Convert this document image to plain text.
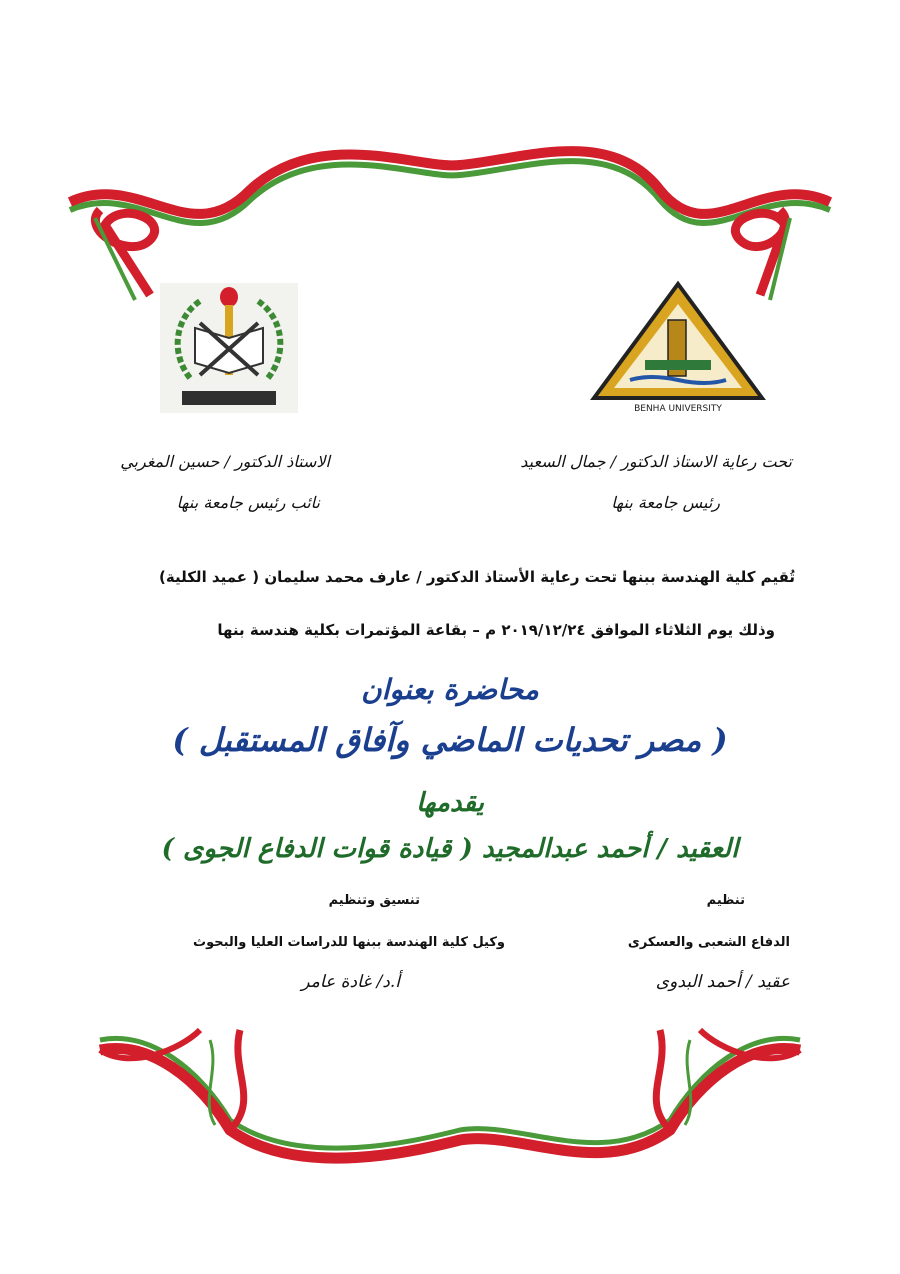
BENHA UNIVERSITY
تحت رعاية الاستاذ الدكتور / جمال السعيد
رئيس جامعة بنها
الاستاذ الدكتور / حسين المغربي
نائب رئيس جامعة بنها
تُقيم كلية الهندسة ببنها تحت رعاية الأستاذ الدكتور / عارف محمد سليمان ( عميد الكلية)
وذلك يوم الثلاثاء الموافق ٢٠١٩/١٢/٢٤ م – بقاعة المؤتمرات بكلية هندسة بنها
محاضرة بعنوان
( مصر تحديات الماضي وآفاق المستقبل )
يقدمها
العقيد / أحمد عبدالمجيد ( قيادة قوات الدفاع الجوى )
تنظيم
الدفاع الشعبى والعسكرى
عقيد / أحمد البدوى
تنسيق وتنظيم
وكيل كلية الهندسة ببنها للدراسات العليا والبحوث
أ.د/ غادة عامر
